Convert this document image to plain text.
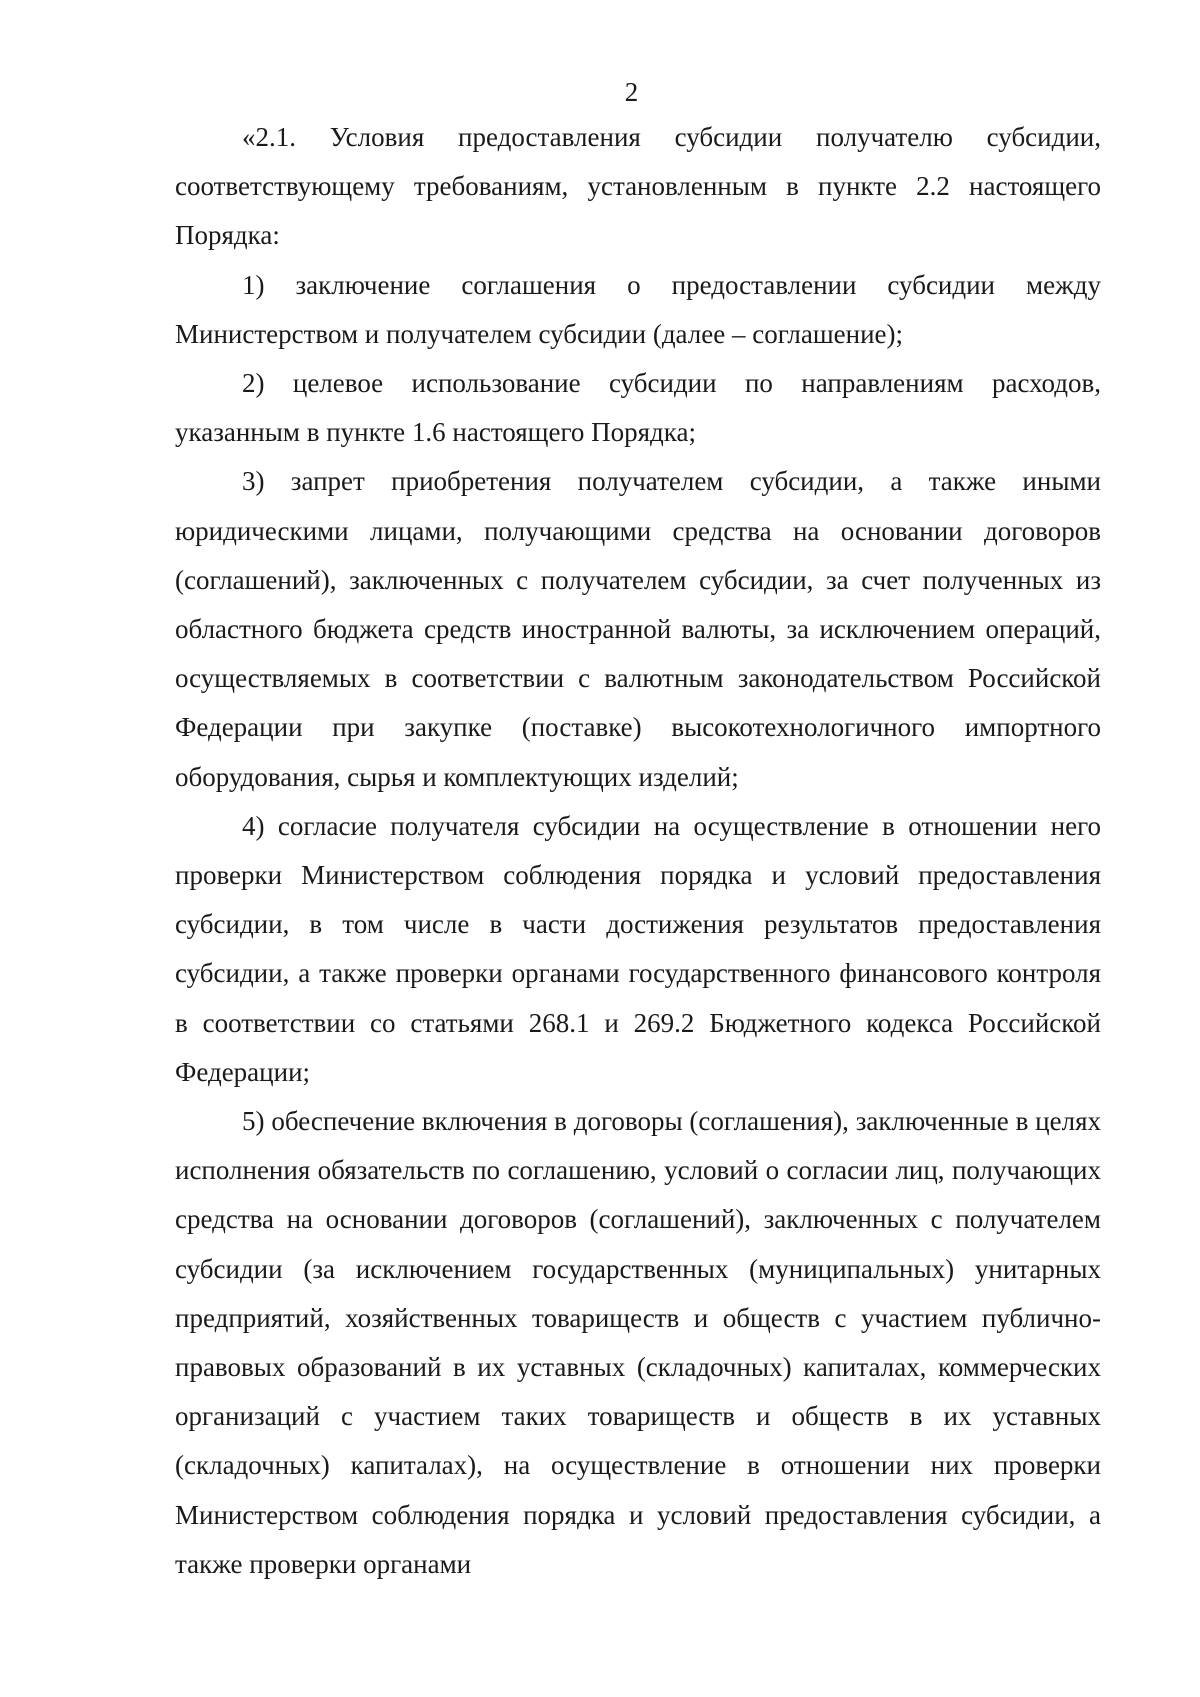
2

«2.1. Условия предоставления субсидии получателю субсидии, соответствующему требованиям, установленным в пункте 2.2 настоящего Порядка:

1) заключение соглашения о предоставлении субсидии между Министерством и получателем субсидии (далее – соглашение);

2) целевое использование субсидии по направлениям расходов, указанным в пункте 1.6 настоящего Порядка;

3) запрет приобретения получателем субсидии, а также иными юридическими лицами, получающими средства на основании договоров (соглашений), заключенных с получателем субсидии, за счет полученных из областного бюджета средств иностранной валюты, за исключением операций, осуществляемых в соответствии с валютным законодательством Российской Федерации при закупке (поставке) высокотехнологичного импортного оборудования, сырья и комплектующих изделий;

4) согласие получателя субсидии на осуществление в отношении него проверки Министерством соблюдения порядка и условий предоставления субсидии, в том числе в части достижения результатов предоставления субсидии, а также проверки органами государственного финансового контроля в соответствии со статьями 268.1 и 269.2 Бюджетного кодекса Российской Федерации;

5) обеспечение включения в договоры (соглашения), заключенные в целях исполнения обязательств по соглашению, условий о согласии лиц, получающих средства на основании договоров (соглашений), заключенных с получателем субсидии (за исключением государственных (муниципальных) унитарных предприятий, хозяйственных товариществ и обществ с участием публично-правовых образований в их уставных (складочных) капиталах, коммерческих организаций с участием таких товариществ и обществ в их уставных (складочных) капиталах), на осуществление в отношении них проверки Министерством соблюдения порядка и условий предоставления субсидии, а также проверки органами
